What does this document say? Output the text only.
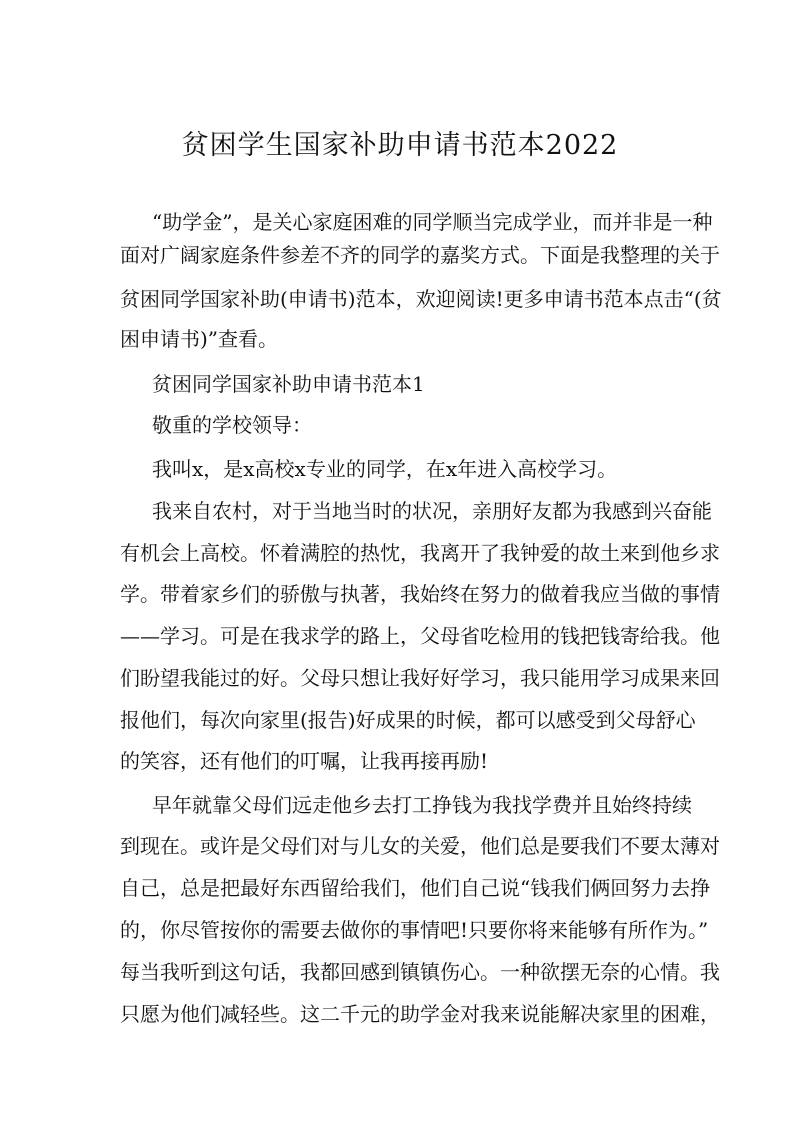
贫困学生国家补助申请书范本2022

“助学金”，是关心家庭困难的同学顺当完成学业，而并非是一种

面对广阔家庭条件参差不齐的同学的嘉奖方式。下面是我整理的关于

贫困同学国家补助(申请书)范本，欢迎阅读!更多申请书范本点击“(贫

困申请书)”查看。

贫困同学国家补助申请书范本1

敬重的学校领导：

我叫x，是x高校x专业的同学，在x年进入高校学习。

我来自农村，对于当地当时的状况，亲朋好友都为我感到兴奋能

有机会上高校。怀着满腔的热忱，我离开了我钟爱的故土来到他乡求

学。带着家乡们的骄傲与执著，我始终在努力的做着我应当做的事情

——学习。可是在我求学的路上，父母省吃检用的钱把钱寄给我。他

们盼望我能过的好。父母只想让我好好学习，我只能用学习成果来回

报他们，每次向家里(报告)好成果的时候，都可以感受到父母舒心

的笑容，还有他们的叮嘱，让我再接再励!

早年就靠父母们远走他乡去打工挣钱为我找学费并且始终持续

到现在。或许是父母们对与儿女的关爱，他们总是要我们不要太薄对

自己，总是把最好东西留给我们，他们自己说“钱我们俩回努力去挣

的，你尽管按你的需要去做你的事情吧!只要你将来能够有所作为。”

每当我听到这句话，我都回感到镇镇伤心。一种欲摆无奈的心情。我

只愿为他们减轻些。这二千元的助学金对我来说能解决家里的困难，
